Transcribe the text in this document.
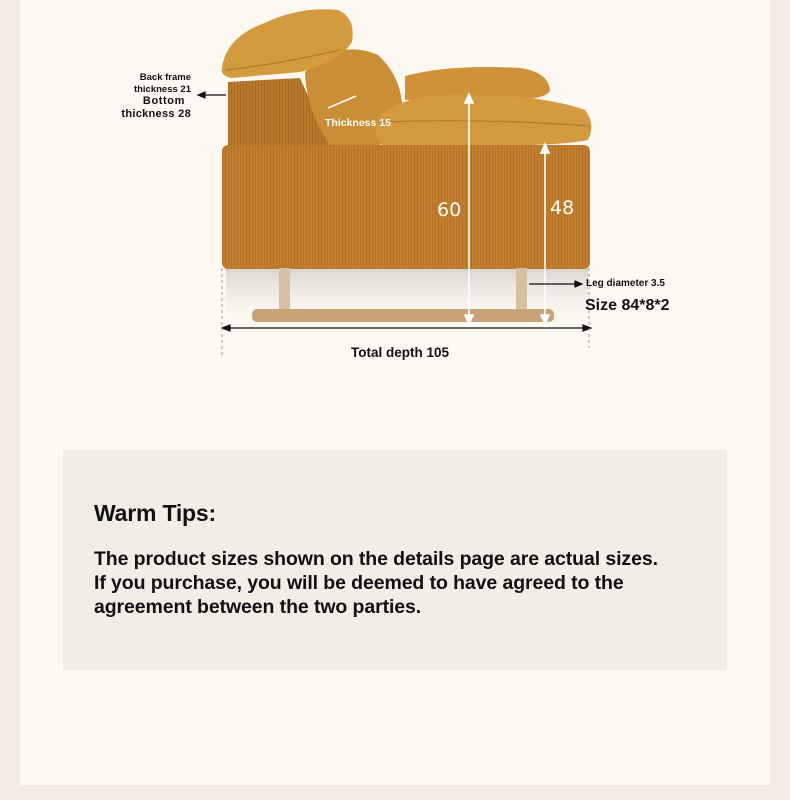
Back frame
thickness 21
Bottom
thickness 28
Thickness 15
60	48
Leg diameter 3.5
Size 84*8*2
Total depth 105
Warm Tips:
The product sizes shown on the details page are actual sizes.
If you purchase, you will be deemed to have agreed to the
agreement between the two parties.
